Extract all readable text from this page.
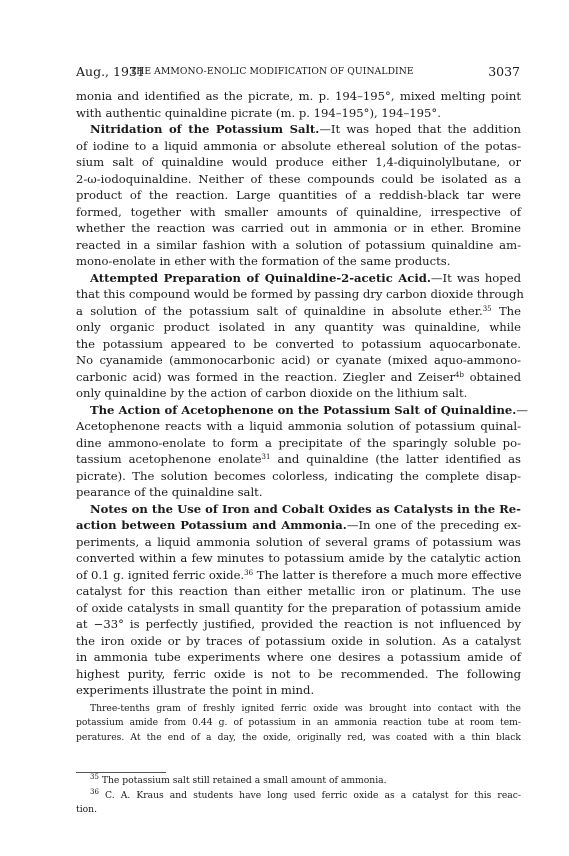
Aug., 1931
THE AMMONO-ENOLIC MODIFICATION OF QUINALDINE	3037
monia and identified as the picrate, m. p. 194–195°, mixed melting point
with authentic quinaldine picrate (m. p. 194–195°), 194–195°.
Nitridation of the Potassium Salt.—It was hoped that the addition
of iodine to a liquid ammonia or absolute ethereal solution of the potas-
sium salt of quinaldine would produce either 1,4-diquinolylbutane, or
2-ω-iodoquinaldine. Neither of these compounds could be isolated as a
product of the reaction. Large quantities of a reddish-black tar were
formed, together with smaller amounts of quinaldine, irrespective of
whether the reaction was carried out in ammonia or in ether. Bromine
reacted in a similar fashion with a solution of potassium quinaldine am-
mono-enolate in ether with the formation of the same products.
Attempted Preparation of Quinaldine-2-acetic Acid.—It was hoped
that this compound would be formed by passing dry carbon dioxide through
a solution of the potassium salt of quinaldine in absolute ether.$^{35}$ The
only organic product isolated in any quantity was quinaldine, while
the potassium appeared to be converted to potassium aquocarbonate.
No cyanamide (ammonocarbonic acid) or cyanate (mixed aquo-ammono-
carbonic acid) was formed in the reaction. Ziegler and Zeiser$^{4b}$ obtained
only quinaldine by the action of carbon dioxide on the lithium salt.
The Action of Acetophenone on the Potassium Salt of Quinaldine.—
Acetophenone reacts with a liquid ammonia solution of potassium quinal-
dine ammono-enolate to form a precipitate of the sparingly soluble po-
tassium acetophenone enolate$^{31}$ and quinaldine (the latter identified as
picrate). The solution becomes colorless, indicating the complete disap-
pearance of the quinaldine salt.
Notes on the Use of Iron and Cobalt Oxides as Catalysts in the Re-
action between Potassium and Ammonia.—In one of the preceding ex-
periments, a liquid ammonia solution of several grams of potassium was
converted within a few minutes to potassium amide by the catalytic action
of 0.1 g. ignited ferric oxide.$^{36}$ The latter is therefore a much more effective
catalyst for this reaction than either metallic iron or platinum. The use
of oxide catalysts in small quantity for the preparation of potassium amide
at −33° is perfectly justified, provided the reaction is not influenced by
the iron oxide or by traces of potassium oxide in solution. As a catalyst
in ammonia tube experiments where one desires a potassium amide of
highest purity, ferric oxide is not to be recommended. The following
experiments illustrate the point in mind.
Three-tenths gram of freshly ignited ferric oxide was brought into contact with the
potassium amide from 0.44 g. of potassium in an ammonia reaction tube at room tem-
peratures. At the end of a day, the oxide, originally red, was coated with a thin black
$^{35}$ The potassium salt still retained a small amount of ammonia.
$^{36}$ C. A. Kraus and students have long used ferric oxide as a catalyst for this reac-
tion.
